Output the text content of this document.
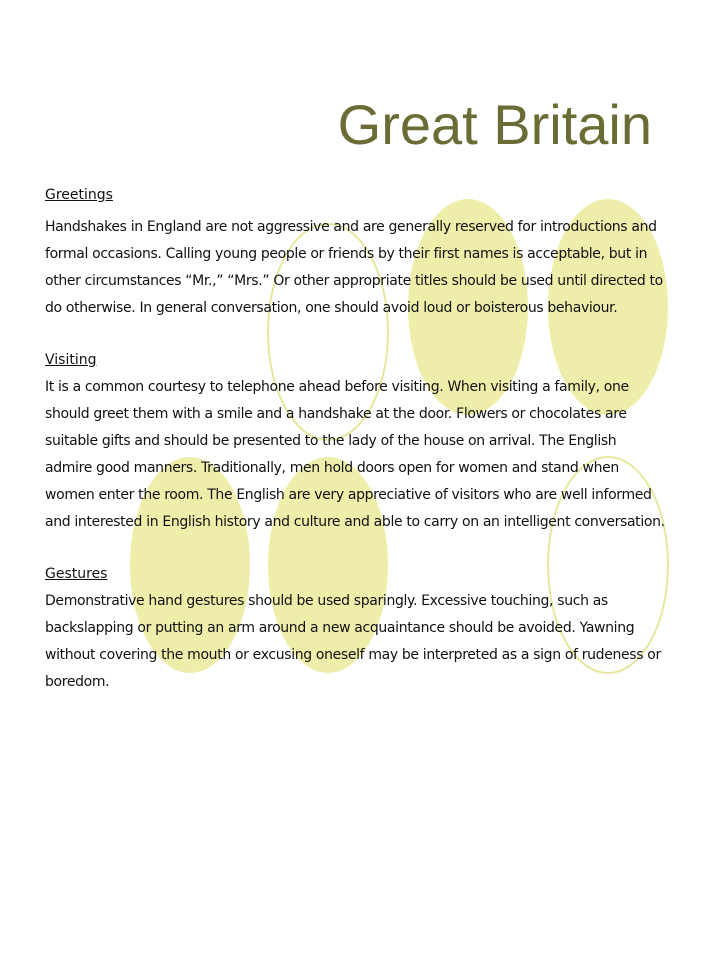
Great Britain
Greetings

Handshakes in England are not aggressive and are generally reserved for introductions and formal occasions. Calling young people or friends by their first names is acceptable, but in other circumstances “Mr.,” “Mrs.” Or other appropriate titles should be used until directed to do otherwise. In general conversation, one should avoid loud or boisterous behaviour.

Visiting

It is a common courtesy to telephone ahead before visiting. When visiting a family, one should greet them with a smile and a handshake at the door. Flowers or chocolates are suitable gifts and should be presented to the lady of the house on arrival. The English admire good manners. Traditionally, men hold doors open for women and stand when women enter the room. The English are very appreciative of visitors who are well informed and interested in English history and culture and able to carry on an intelligent conversation.

Gestures

Demonstrative hand gestures should be used sparingly. Excessive touching, such as backslapping or putting an arm around a new acquaintance should be avoided. Yawning without covering the mouth or excusing oneself may be interpreted as a sign of rudeness or boredom.
